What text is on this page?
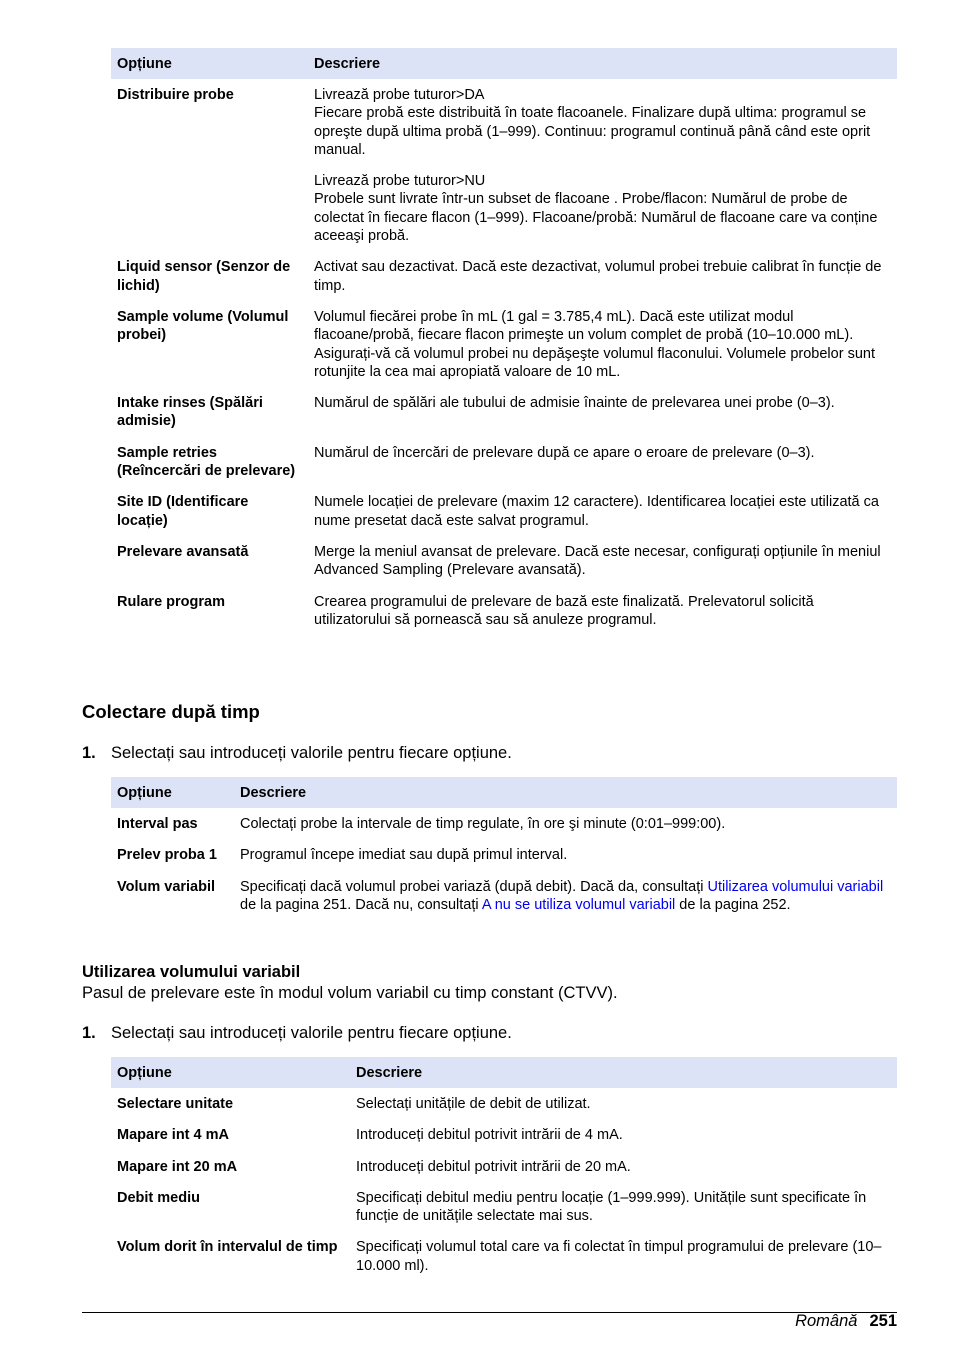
Opțiune	Descriere
Distribuire probe	Livrează probe tuturor>DA
Fiecare probă este distribuită în toate flacoanele. Finalizare după ultima: programul se opreşte după ultima probă (1–999). Continuu: programul continuă până când este oprit manual.

Livrează probe tuturor>NU
Probele sunt livrate într-un subset de flacoane . Probe/flacon: Numărul de probe de colectat în fiecare flacon (1–999). Flacoane/probă: Numărul de flacoane care va conține aceeaşi probă.

Liquid sensor (Senzor de lichid)	Activat sau dezactivat. Dacă este dezactivat, volumul probei trebuie calibrat în funcție de timp.
Sample volume (Volumul probei)	Volumul fiecărei probe în mL (1 gal = 3.785,4 mL). Dacă este utilizat modul flacoane/probă, fiecare flacon primeşte un volum complet de probă (10–10.000 mL). Asigurați-vă că volumul probei nu depăşeşte volumul flaconului. Volumele probelor sunt rotunjite la cea mai apropiată valoare de 10 mL.
Intake rinses (Spălări admisie)	Numărul de spălări ale tubului de admisie înainte de prelevarea unei probe (0–3).
Sample retries (Reîncercări de prelevare)	Numărul de încercări de prelevare după ce apare o eroare de prelevare (0–3).
Site ID (Identificare locație)	Numele locației de prelevare (maxim 12 caractere). Identificarea locației este utilizată ca nume presetat dacă este salvat programul.
Prelevare avansată	Merge la meniul avansat de prelevare. Dacă este necesar, configurați opțiunile în meniul Advanced Sampling (Prelevare avansată).
Rulare program	Crearea programului de prelevare de bază este finalizată. Prelevatorul solicită utilizatorului să pornească sau să anuleze programul.
Colectare după timp
1. Selectați sau introduceți valorile pentru fiecare opțiune.
Opțiune	Descriere
Interval pas	Colectați probe la intervale de timp regulate, în ore şi minute (0:01–999:00).
Prelev proba 1	Programul începe imediat sau după primul interval.
Volum variabil	Specificați dacă volumul probei variază (după debit). Dacă da, consultați Utilizarea volumului variabil de la pagina 251. Dacă nu, consultați A nu se utiliza volumul variabil de la pagina 252.
Utilizarea volumului variabil
Pasul de prelevare este în modul volum variabil cu timp constant (CTVV).
1. Selectați sau introduceți valorile pentru fiecare opțiune.
Opțiune	Descriere
Selectare unitate	Selectați unitățile de debit de utilizat.
Mapare int 4 mA	Introduceți debitul potrivit intrării de 4 mA.
Mapare int 20 mA	Introduceți debitul potrivit intrării de 20 mA.
Debit mediu	Specificați debitul mediu pentru locație (1–999.999). Unitățile sunt specificate în funcție de unitățile selectate mai sus.
Volum dorit în intervalul de timp	Specificați volumul total care va fi colectat în timpul programului de prelevare (10–10.000 ml).
Română 251
